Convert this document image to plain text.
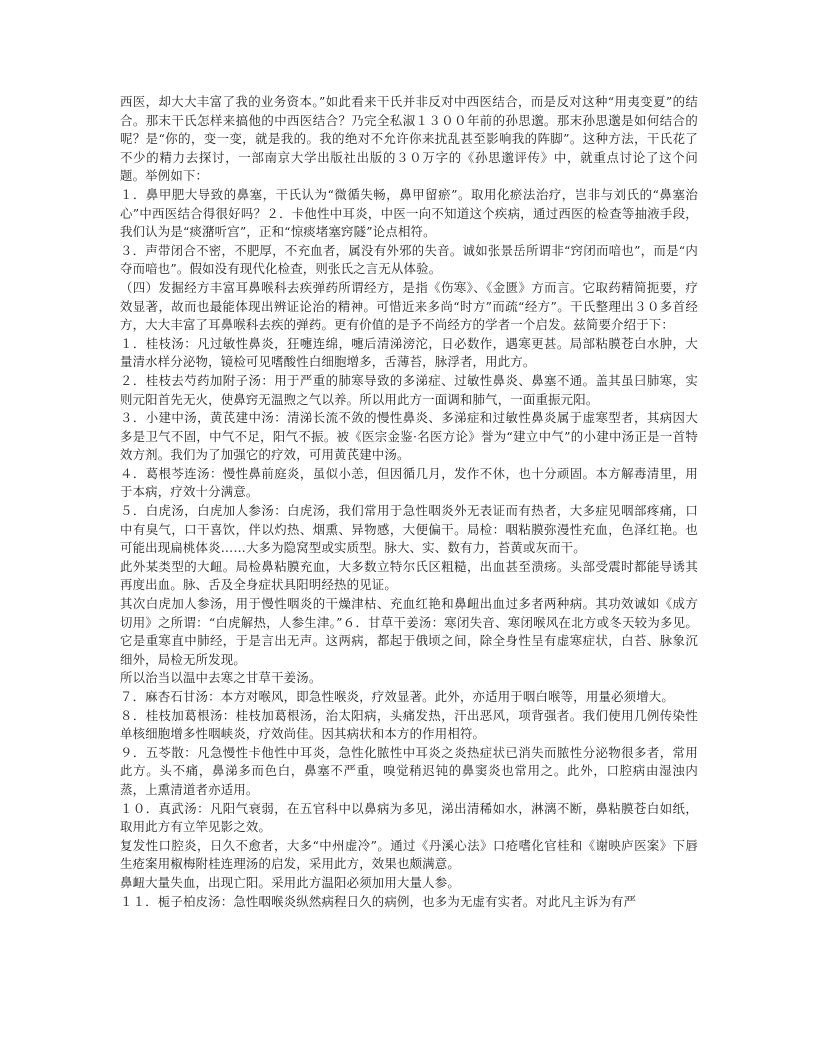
西医，却大大丰富了我的业务资本。”如此看来干氏并非反对中西医结合，而是反对这种“用夷变夏”的结合。那末干氏怎样来搞他的中西医结合？乃完全私淑１３００年前的孙思邈。那末孙思邈是如何结合的呢？是“你的，变一变，就是我的。我的绝对不允许你来扰乱甚至影响我的阵脚”。这种方法，干氏花了不少的精力去探讨，一部南京大学出版社出版的３０万字的《孙思邈评传》中，就重点讨论了这个问题。举例如下：

１．鼻甲肥大导致的鼻塞，干氏认为“微循失畅，鼻甲留瘀”。取用化瘀法治疗，岂非与刘氏的“鼻塞治心”中西医结合得很好吗？２．卡他性中耳炎，中医一向不知道这个疾病，通过西医的检查等抽液手段，我们认为是“痰潴听宫”，正和“惊痰堵塞窍隧”论点相符。

３．声带闭合不密，不肥厚，不充血者，属没有外邪的失音。诚如张景岳所谓非“窍闭而喑也”，而是“内夺而喑也”。假如没有现代化检查，则张氏之言无从体验。

（四）发掘经方丰富耳鼻喉科去疾弹药所谓经方，是指《伤寒》、《金匮》方而言。它取药精简扼要，疗效显著，故而也最能体现出辨证论治的精神。可惜近来多尚“时方”而疏“经方”。干氏整理出３０多首经方，大大丰富了耳鼻喉科去疾的弹药。更有价值的是予不尚经方的学者一个启发。兹简要介绍于下：

１．桂枝汤：凡过敏性鼻炎，狂嚏连绵，嚏后清涕滂沱，日必数作，遇寒更甚。局部粘膜苍白水肿，大量清水样分泌物，镜检可见嗜酸性白细胞增多，舌薄苔，脉浮者，用此方。

２．桂枝去芍药加附子汤：用于严重的肺寒导致的多涕症、过敏性鼻炎、鼻塞不通。盖其虽曰肺寒，实则元阳首先无火，使鼻窍无温煦之气以养。所以用此方一面调和肺气，一面重振元阳。

３．小建中汤，黄芪建中汤：清涕长流不敛的慢性鼻炎、多涕症和过敏性鼻炎属于虚寒型者，其病因大多是卫气不固，中气不足，阳气不振。被《医宗金鉴·名医方论》誉为“建立中气”的小建中汤正是一首特效方剂。我们为了加强它的疗效，可用黄芪建中汤。

４．葛根芩连汤：慢性鼻前庭炎，虽似小恙，但因循几月，发作不休，也十分顽固。本方解毒清里，用于本病，疗效十分满意。

５．白虎汤，白虎加人参汤：白虎汤，我们常用于急性咽炎外无表证而有热者，大多症见咽部疼痛，口中有臭气，口干喜饮，伴以灼热、烟熏、异物感，大便偏干。局检：咽粘膜弥漫性充血，色泽红艳。也可能出现扁桃体炎……大多为隐窝型或实质型。脉大、实、数有力，苔黄或灰而干。

此外某类型的大衄。局检鼻粘膜充血，大多数立特尔氏区粗糙，出血甚至溃疡。头部受震时都能导诱其再度出血。脉、舌及全身症状具阳明经热的见证。

其次白虎加人参汤，用于慢性咽炎的干燥津枯、充血红艳和鼻衄出血过多者两种病。其功效诚如《成方切用》之所谓：“白虎解热，人参生津。”６．甘草干姜汤：寒闭失音、寒闭喉风在北方或冬天较为多见。它是重寒直中肺经，于是言出无声。这两病，都起于俄顷之间，除全身性呈有虚寒症状，白苔、脉象沉细外，局检无所发现。

所以治当以温中去寒之甘草干姜汤。

７．麻杏石甘汤：本方对喉风，即急性喉炎，疗效显著。此外，亦适用于咽白喉等，用量必须增大。

８．桂枝加葛根汤：桂枝加葛根汤，治太阳病，头痛发热，汗出恶风，项背强者。我们使用几例传染性单核细胞增多性咽峡炎，疗效尚佳。因其病状和本方的作用相符。

９．五苓散：凡急慢性卡他性中耳炎，急性化脓性中耳炎之炎热症状已消失而脓性分泌物很多者，常用此方。头不痛，鼻涕多而色白，鼻塞不严重，嗅觉稍迟钝的鼻窦炎也常用之。此外，口腔病由湿浊内蒸，上熏清道者亦适用。

１０．真武汤：凡阳气衰弱，在五官科中以鼻病为多见，涕出清稀如水，淋漓不断，鼻粘膜苍白如纸，取用此方有立竿见影之效。

复发性口腔炎，日久不愈者，大多“中州虚冷”。通过《丹溪心法》口疮嗜化官桂和《谢映庐医案》下唇生疮案用椒梅附桂连理汤的启发，采用此方，效果也颇满意。

鼻衄大量失血，出现亡阳。采用此方温阳必须加用大量人参。

１１．栀子柏皮汤：急性咽喉炎纵然病程日久的病例，也多为无虚有实者。对此凡主诉为有严
